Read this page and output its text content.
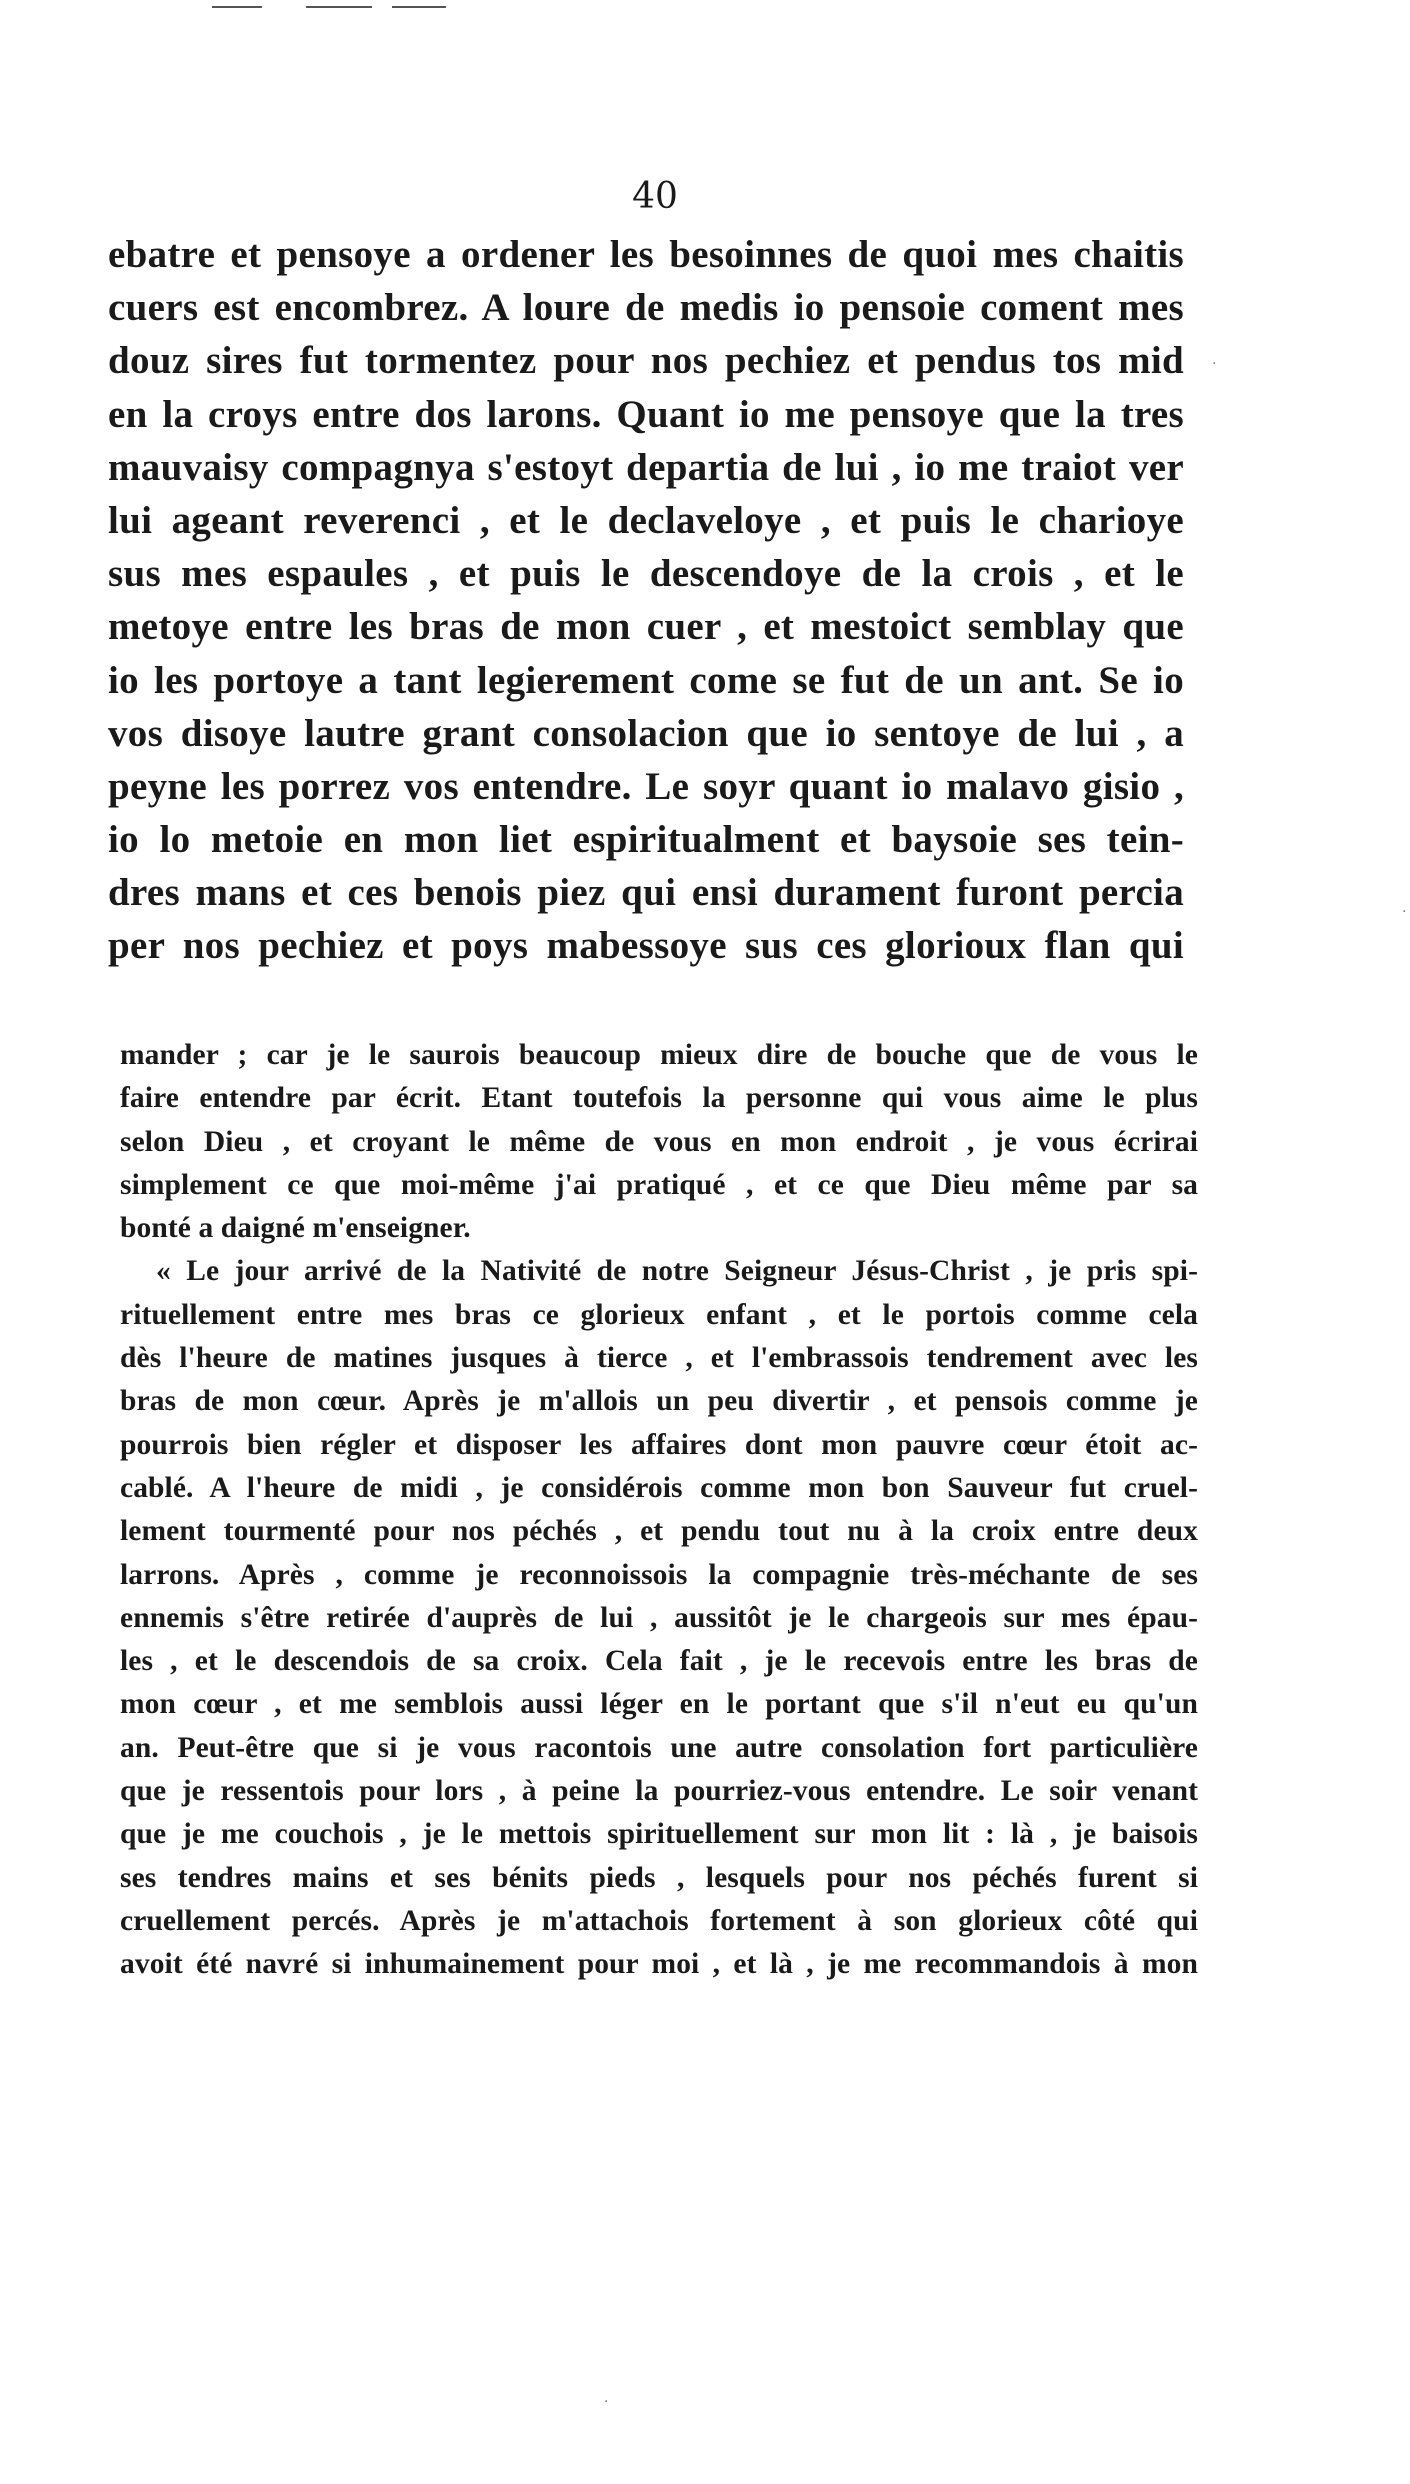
40
ebatre et pensoye a ordener les besoinnes de quoi mes chaitis
cuers est encombrez. A loure de medis io pensoie coment mes
douz sires fut tormentez pour nos pechiez et pendus tos mid
en la croys entre dos larons. Quant io me pensoye que la tres
mauvaisy compagnya s'estoyt departia de lui , io me traiot ver
lui ageant reverenci , et le declaveloye , et puis le charioye
sus mes espaules , et puis le descendoye de la crois , et le
metoye entre les bras de mon cuer , et mestoict semblay que
io les portoye a tant legierement come se fut de un ant. Se io
vos disoye lautre grant consolacion que io sentoye de lui , a
peyne les porrez vos entendre. Le soyr quant io malavo gisio ,
io lo metoie en mon liet espiritualment et baysoie ses tein-
dres mans et ces benois piez qui ensi durament furont percia
per nos pechiez et poys mabessoye sus ces glorioux flan qui
mander ; car je le saurois beaucoup mieux dire de bouche que de vous le
faire entendre par écrit. Etant toutefois la personne qui vous aime le plus
selon Dieu , et croyant le même de vous en mon endroit , je vous écrirai
simplement ce que moi-même j'ai pratiqué , et ce que Dieu même par sa
bonté a daigné m'enseigner.
« Le jour arrivé de la Nativité de notre Seigneur Jésus-Christ , je pris spi-
rituellement entre mes bras ce glorieux enfant , et le portois comme cela
dès l'heure de matines jusques à tierce , et l'embrassois tendrement avec les
bras de mon cœur. Après je m'allois un peu divertir , et pensois comme je
pourrois bien régler et disposer les affaires dont mon pauvre cœur étoit ac-
cablé. A l'heure de midi , je considérois comme mon bon Sauveur fut cruel-
lement tourmenté pour nos péchés , et pendu tout nu à la croix entre deux
larrons. Après , comme je reconnoissois la compagnie très-méchante de ses
ennemis s'être retirée d'auprès de lui , aussitôt je le chargeois sur mes épau-
les , et le descendois de sa croix. Cela fait , je le recevois entre les bras de
mon cœur , et me semblois aussi léger en le portant que s'il n'eut eu qu'un
an. Peut-être que si je vous racontois une autre consolation fort particulière
que je ressentois pour lors , à peine la pourriez-vous entendre. Le soir venant
que je me couchois , je le mettois spirituellement sur mon lit : là , je baisois
ses tendres mains et ses bénits pieds , lesquels pour nos péchés furent si
cruellement percés. Après je m'attachois fortement à son glorieux côté qui
avoit été navré si inhumainement pour moi , et là , je me recommandois à mon
·
·
·
